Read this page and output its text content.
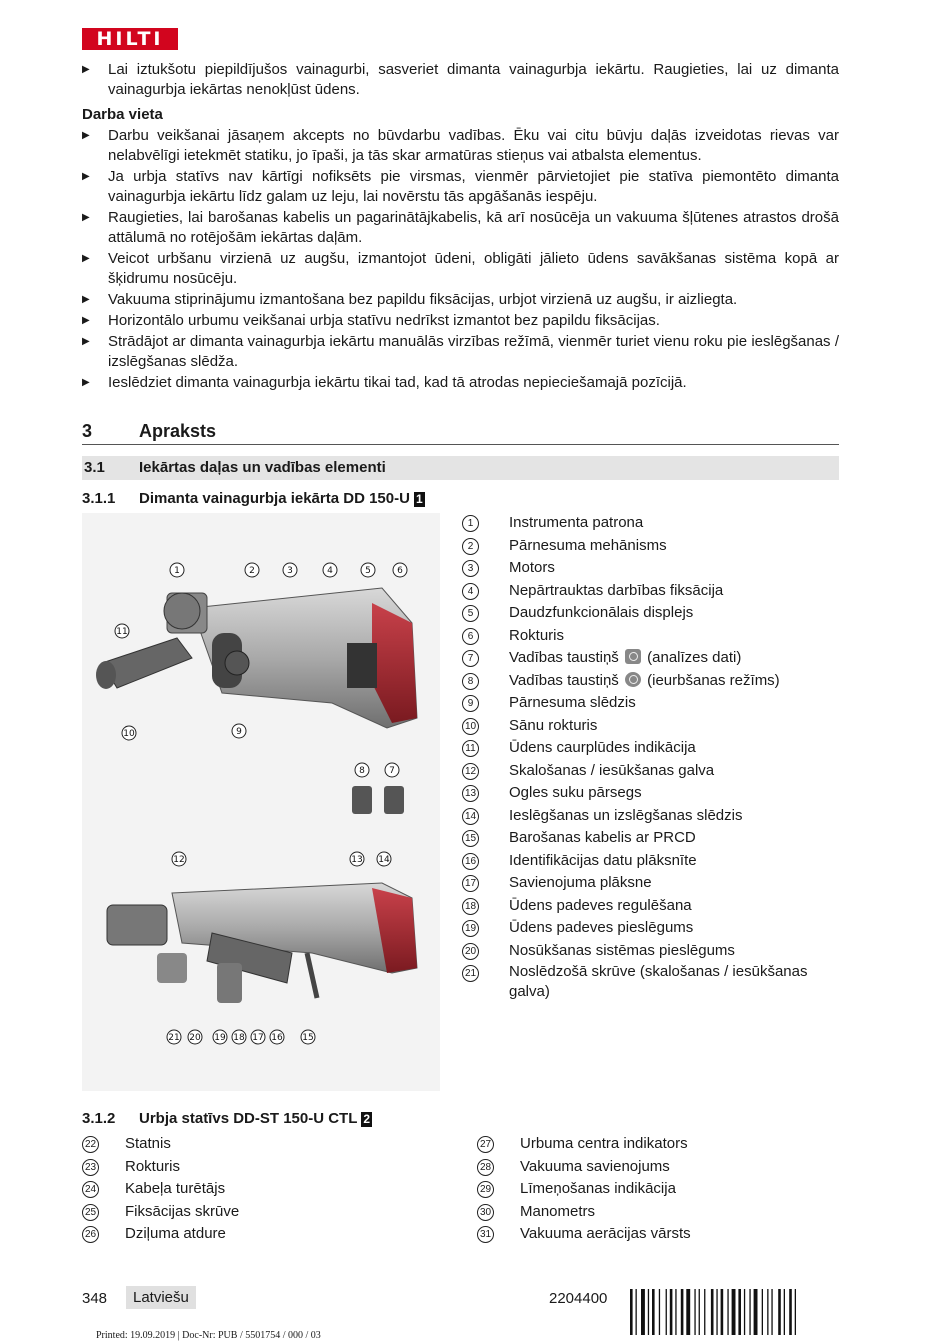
HILTI
▶ Lai iztukšotu piepildījušos vainagurbi, sasveriet dimanta vainagurbja iekārtu. Raugieties, lai uz dimanta vainagurbja iekārtas nenokļūst ūdens.
Darba vieta
▶ Darbu veikšanai jāsaņem akcepts no būvdarbu vadības. Ēku vai citu būvju daļās izveidotas rievas var nelabvēlīgi ietekmēt statiku, jo īpaši, ja tās skar armatūras stieņus vai atbalsta elementus.
▶ Ja urbja statīvs nav kārtīgi nofiksēts pie virsmas, vienmēr pārvietojiet pie statīva piemontēto dimanta vainagurbja iekārtu līdz galam uz leju, lai novērstu tās apgāšanās iespēju.
▶ Raugieties, lai barošanas kabelis un pagarinātājkabelis, kā arī nosūcēja un vakuuma šļūtenes atrastos drošā attālumā no rotējošām iekārtas daļām.
▶ Veicot urbšanu virzienā uz augšu, izmantojot ūdeni, obligāti jālieto ūdens savākšanas sistēma kopā ar šķidrumu nosūcēju.
▶ Vakuuma stiprinājumu izmantošana bez papildu fiksācijas, urbjot virzienā uz augšu, ir aizliegta.
▶ Horizontālo urbumu veikšanai urbja statīvu nedrīkst izmantot bez papildu fiksācijas.
▶ Strādājot ar dimanta vainagurbja iekārtu manuālās virzības režīmā, vienmēr turiet vienu roku pie ieslēgšanas / izslēgšanas slēdža.
▶ Ieslēdziet dimanta vainagurbja iekārtu tikai tad, kad tā atrodas nepieciešamajā pozīcijā.
3	Apraksts
3.1 Iekārtas daļas un vadības elementi
3.1.1 Dimanta vainagurbja iekārta DD 150-U 1
1	2	3	4	5	6
11
10	9
8	7
12	13 14
21 20 19 18 17 16 15
1	Instrumenta patrona
2	Pārnesuma mehānisms
3	Motors
4	Nepārtrauktas darbības fiksācija
5	Daudzfunkcionālais displejs
6	Rokturis
7	Vadības taustiņš (analīzes dati)
8	Vadības taustiņš (ieurbšanas režīms)
9	Pārnesuma slēdzis
10 Sānu rokturis
11 Ūdens caurplūdes indikācija
12 Skalošanas / iesūkšanas galva
13 Ogles suku pārsegs
14 Ieslēgšanas un izslēgšanas slēdzis
15 Barošanas kabelis ar PRCD
16 Identifikācijas datu plāksnīte
17 Savienojuma plāksne
18 Ūdens padeves regulēšana
19 Ūdens padeves pieslēgums
20 Nosūkšanas sistēmas pieslēgums
21 Noslēdzošā skrūve (skalošanas / iesūkšanas galva)
3.1.2 Urbja statīvs DD-ST 150-U CTL 2
22 Statnis
23 Rokturis
24 Kabeļa turētājs
25 Fiksācijas skrūve
26 Dziļuma atdure
27 Urbuma centra indikators
28 Vakuuma savienojums
29 Līmeņošanas indikācija
30 Manometrs
31 Vakuuma aerācijas vārsts
348	Latviešu	2204400
Printed: 19.09.2019 | Doc-Nr: PUB / 5501754 / 000 / 03
